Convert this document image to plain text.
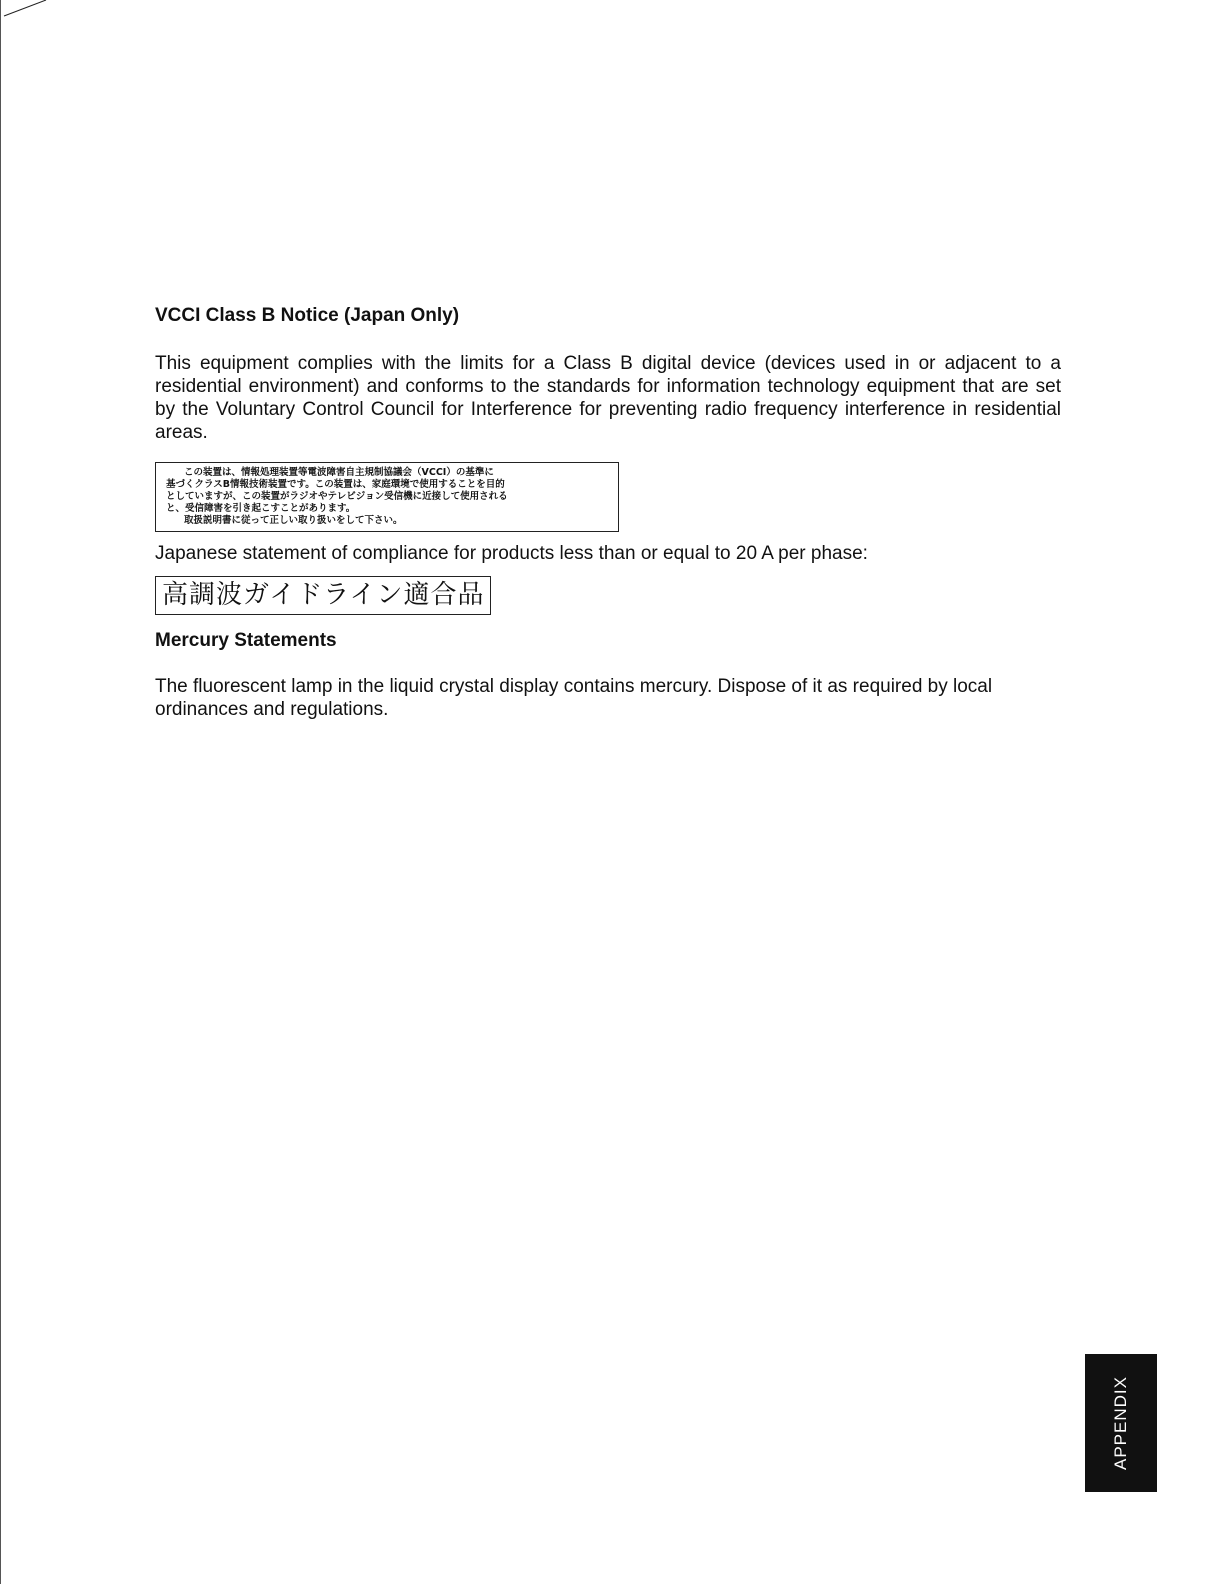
VCCI Class B Notice (Japan Only)

This equipment complies with the limits for a Class B digital device (devices used in or adjacent to a residential environment) and conforms to the standards for information technology equipment that are set by the Voluntary Control Council for Interference for preventing radio frequency interference in residential areas.

この装置は、情報処理装置等電波障害自主規制協議会（VCCI）の基準に
基づくクラスB情報技術装置です。この装置は、家庭環境で使用することを目的
としていますが、この装置がラジオやテレビジョン受信機に近接して使用される
と、受信障害を引き起こすことがあります。
取扱説明書に従って正しい取り扱いをして下さい。

Japanese statement of compliance for products less than or equal to 20 A per phase:

高調波ガイドライン適合品
Mercury Statements

The fluorescent lamp in the liquid crystal display contains mercury. Dispose of it as required by local ordinances and regulations.

APPENDIX
